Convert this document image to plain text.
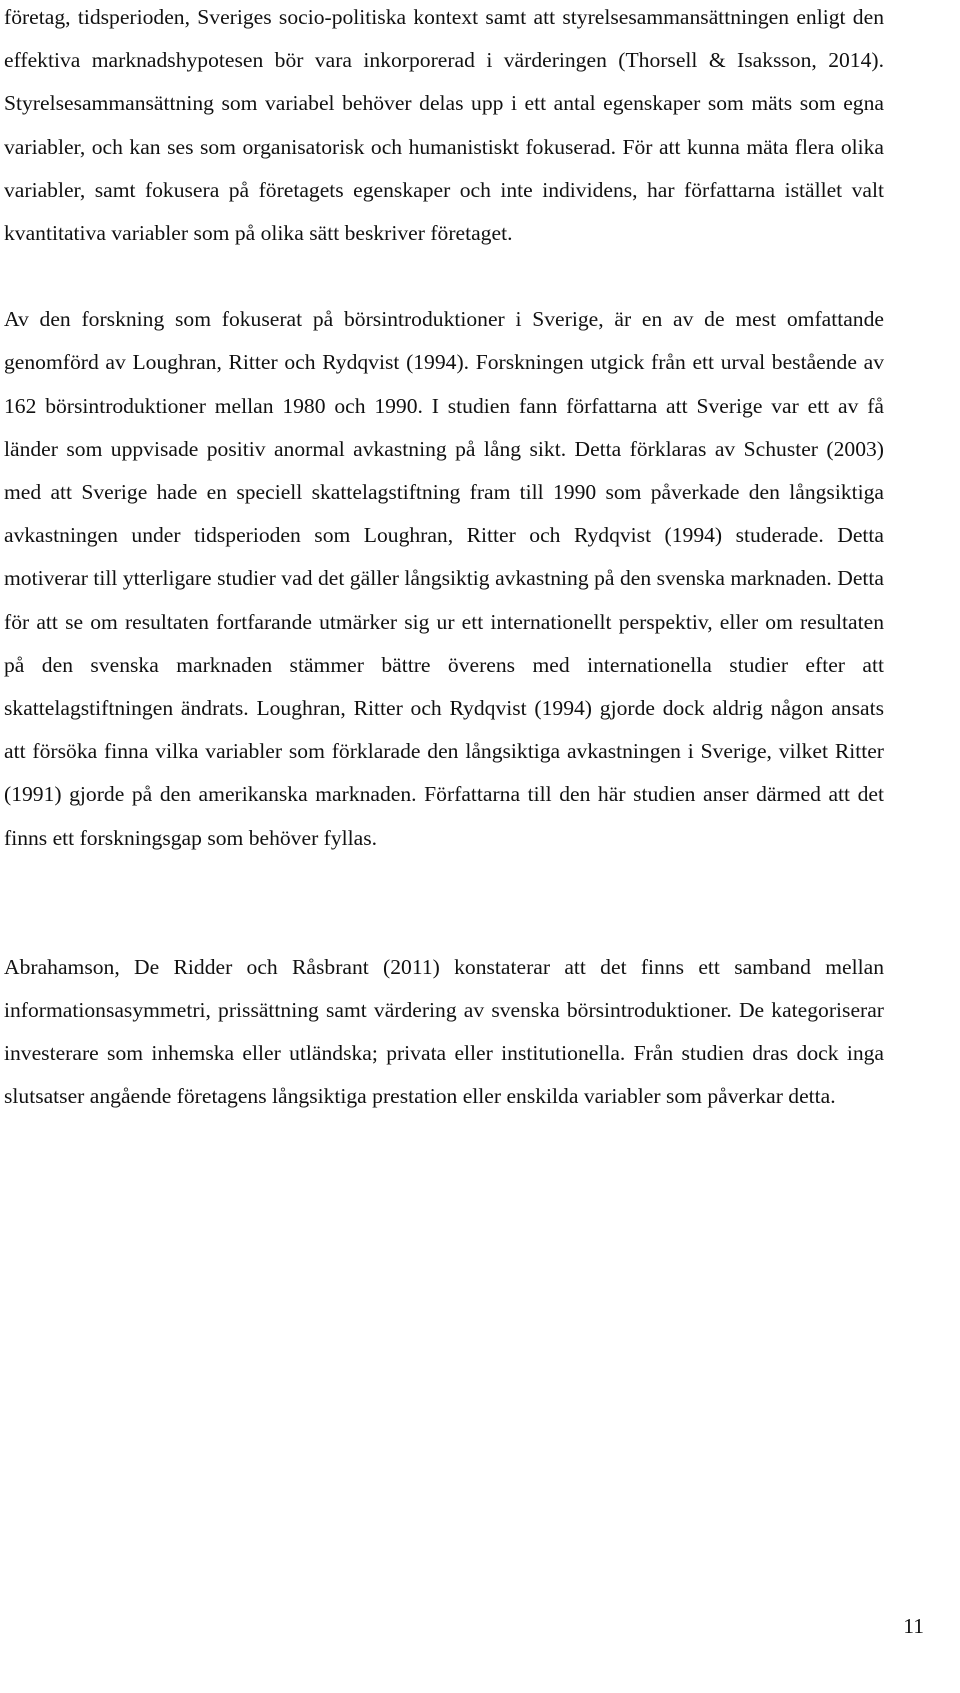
företag, tidsperioden, Sveriges socio-politiska kontext samt att styrelsesammansättningen enligt den effektiva marknadshypotesen bör vara inkorporerad i värderingen (Thorsell & Isaksson, 2014). Styrelsesammansättning som variabel behöver delas upp i ett antal egenskaper som mäts som egna variabler, och kan ses som organisatorisk och humanistiskt fokuserad. För att kunna mäta flera olika variabler, samt fokusera på företagets egenskaper och inte individens, har författarna istället valt kvantitativa variabler som på olika sätt beskriver företaget.

Av den forskning som fokuserat på börsintroduktioner i Sverige, är en av de mest omfattande genomförd av Loughran, Ritter och Rydqvist (1994). Forskningen utgick från ett urval bestående av 162 börsintroduktioner mellan 1980 och 1990. I studien fann författarna att Sverige var ett av få länder som uppvisade positiv anormal avkastning på lång sikt. Detta förklaras av Schuster (2003) med att Sverige hade en speciell skattelagstiftning fram till 1990 som påverkade den långsiktiga avkastningen under tidsperioden som Loughran, Ritter och Rydqvist (1994) studerade. Detta motiverar till ytterligare studier vad det gäller långsiktig avkastning på den svenska marknaden. Detta för att se om resultaten fortfarande utmärker sig ur ett internationellt perspektiv, eller om resultaten på den svenska marknaden stämmer bättre överens med internationella studier efter att skattelagstiftningen ändrats. Loughran, Ritter och Rydqvist (1994) gjorde dock aldrig någon ansats att försöka finna vilka variabler som förklarade den långsiktiga avkastningen i Sverige, vilket Ritter (1991) gjorde på den amerikanska marknaden. Författarna till den här studien anser därmed att det finns ett forskningsgap som behöver fyllas.

Abrahamson, De Ridder och Råsbrant (2011) konstaterar att det finns ett samband mellan informationsasymmetri, prissättning samt värdering av svenska börsintroduktioner. De kategoriserar investerare som inhemska eller utländska; privata eller institutionella. Från studien dras dock inga slutsatser angående företagens långsiktiga prestation eller enskilda variabler som påverkar detta.

11
